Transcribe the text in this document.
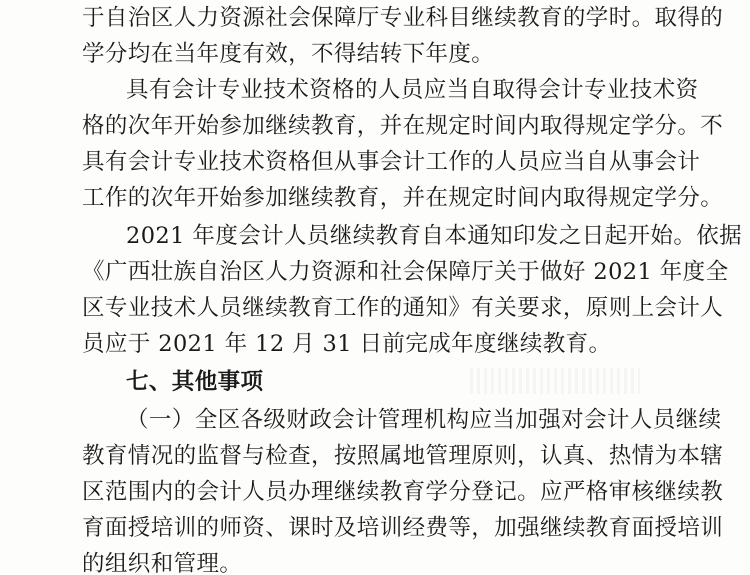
于自治区人力资源社会保障厅专业科目继续教育的学时。取得的
学分均在当年度有效，不得结转下年度。
具有会计专业技术资格的人员应当自取得会计专业技术资
格的次年开始参加继续教育，并在规定时间内取得规定学分。不
具有会计专业技术资格但从事会计工作的人员应当自从事会计
工作的次年开始参加继续教育，并在规定时间内取得规定学分。
2021 年度会计人员继续教育自本通知印发之日起开始。依据
《广西壮族自治区人力资源和社会保障厅关于做好 2021 年度全
区专业技术人员继续教育工作的通知》有关要求，原则上会计人
员应于 2021 年 12 月 31 日前完成年度继续教育。
七、其他事项
（一）全区各级财政会计管理机构应当加强对会计人员继续
教育情况的监督与检查，按照属地管理原则，认真、热情为本辖
区范围内的会计人员办理继续教育学分登记。应严格审核继续教
育面授培训的师资、课时及培训经费等，加强继续教育面授培训
的组织和管理。
